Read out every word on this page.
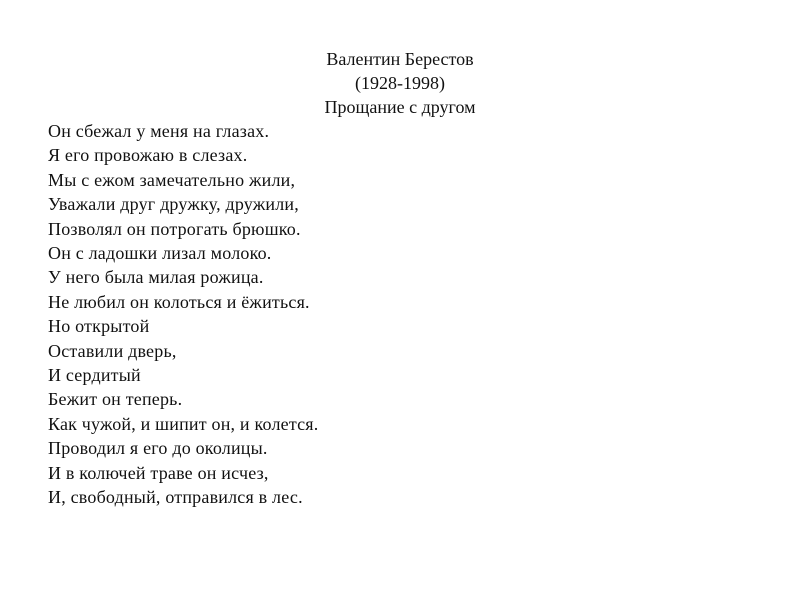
Валентин Берестов
(1928-1998)
Прощание с другом
Он сбежал у меня на глазах.
Я его провожаю в слезах.
Мы с ежом замечательно жили,
Уважали друг дружку, дружили,
Позволял он потрогать брюшко.
Он с ладошки лизал молоко.
У него была милая рожица.
Не любил он колоться и ёжиться.
Но открытой
Оставили дверь,
И сердитый
Бежит он теперь.
Как чужой, и шипит он, и колется.
Проводил я его до околицы.
И в колючей траве он исчез,
И, свободный, отправился в лес.
